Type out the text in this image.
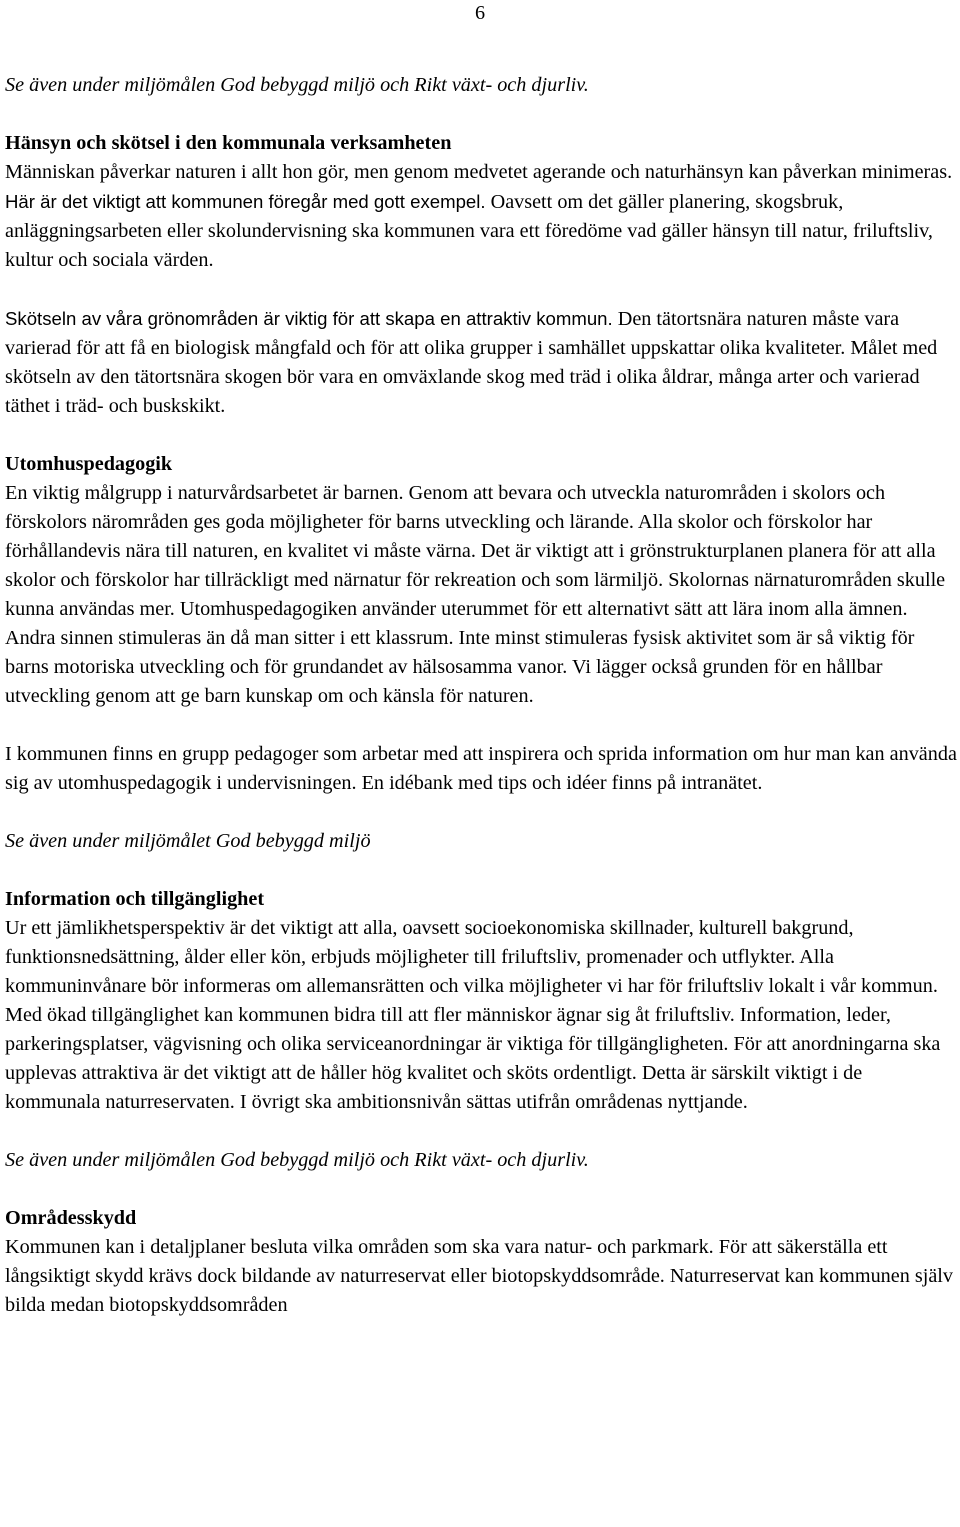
6

Se även under miljömålen God bebyggd miljö och Rikt växt- och djurliv.

Hänsyn och skötsel i den kommunala verksamheten

Människan påverkar naturen i allt hon gör, men genom medvetet agerande och naturhänsyn kan påverkan minimeras. Här är det viktigt att kommunen föregår med gott exempel. Oavsett om det gäller planering, skogsbruk, anläggningsarbeten eller skolundervisning ska kommunen vara ett föredöme vad gäller hänsyn till natur, friluftsliv, kultur och sociala värden.

Skötseln av våra grönområden är viktig för att skapa en attraktiv kommun. Den tätortsnära naturen måste vara varierad för att få en biologisk mångfald och för att olika grupper i samhället uppskattar olika kvaliteter. Målet med skötseln av den tätortsnära skogen bör vara en omväxlande skog med träd i olika åldrar, många arter och varierad täthet i träd- och buskskikt.

Utomhuspedagogik

En viktig målgrupp i naturvårdsarbetet är barnen. Genom att bevara och utveckla naturområden i skolors och förskolors närområden ges goda möjligheter för barns utveckling och lärande. Alla skolor och förskolor har förhållandevis nära till naturen, en kvalitet vi måste värna. Det är viktigt att i grönstrukturplanen planera för att alla skolor och förskolor har tillräckligt med närnatur för rekreation och som lärmiljö. Skolornas närnaturområden skulle kunna användas mer. Utomhuspedagogiken använder uterummet för ett alternativt sätt att lära inom alla ämnen. Andra sinnen stimuleras än då man sitter i ett klassrum. Inte minst stimuleras fysisk aktivitet som är så viktig för barns motoriska utveckling och för grundandet av hälsosamma vanor. Vi lägger också grunden för en hållbar utveckling genom att ge barn kunskap om och känsla för naturen.

I kommunen finns en grupp pedagoger som arbetar med att inspirera och sprida information om hur man kan använda sig av utomhuspedagogik i undervisningen. En idébank med tips och idéer finns på intranätet.

Se även under miljömålet God bebyggd miljö

Information och tillgänglighet

Ur ett jämlikhetsperspektiv är det viktigt att alla, oavsett socioekonomiska skillnader, kulturell bakgrund, funktionsnedsättning, ålder eller kön, erbjuds möjligheter till friluftsliv, promenader och utflykter. Alla kommuninvånare bör informeras om allemansrätten och vilka möjligheter vi har för friluftsliv lokalt i vår kommun. Med ökad tillgänglighet kan kommunen bidra till att fler människor ägnar sig åt friluftsliv. Information, leder, parkeringsplatser, vägvisning och olika serviceanordningar är viktiga för tillgängligheten. För att anordningarna ska upplevas attraktiva är det viktigt att de håller hög kvalitet och sköts ordentligt. Detta är särskilt viktigt i de kommunala naturreservaten. I övrigt ska ambitionsnivån sättas utifrån områdenas nyttjande.

Se även under miljömålen God bebyggd miljö och Rikt växt- och djurliv.

Områdesskydd

Kommunen kan i detaljplaner besluta vilka områden som ska vara natur- och parkmark. För att säkerställa ett långsiktigt skydd krävs dock bildande av naturreservat eller biotopskyddsområde. Naturreservat kan kommunen själv bilda medan biotopskyddsområden
